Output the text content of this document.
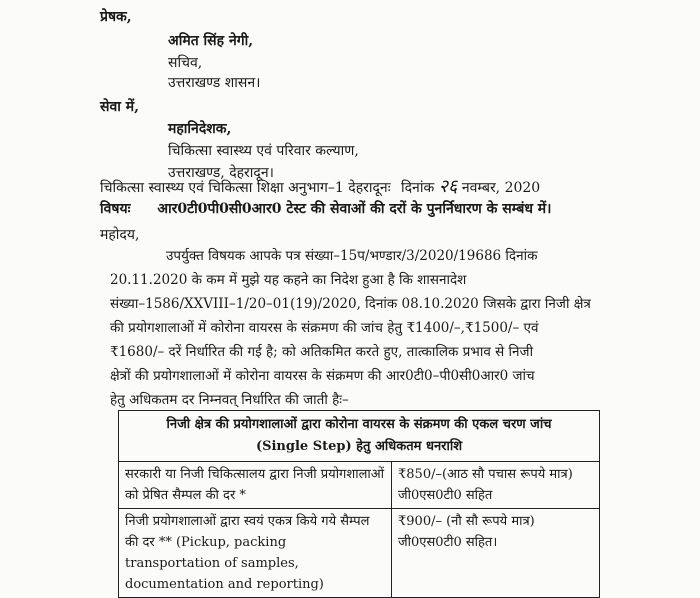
प्रेषक,
अमित सिंह नेगी,
सचिव,
उत्तराखण्ड शासन।
सेवा में,
महानिदेशक,
चिकित्सा स्वास्थ्य एवं परिवार कल्याण,
उत्तराखण्ड, देहरादून।
चिकित्सा स्वास्थ्य एवं चिकित्सा शिक्षा अनुभाग–1 देहरादूनः दिनांक २६ नवम्बर, 2020
विषयः आर0टी0पी0सी0आर0 टेस्ट की सेवाओं की दरों के पुनर्निधारण के सम्बंध में।
महोदय,
उपर्युक्त विषयक आपके पत्र संख्या–15प/भण्डार/3/2020/19686 दिनांक
20.11.2020 के कम में मुझे यह कहने का निदेश हुआ है कि शासनादेश
संख्या–1586/XXVIII–1/20–01(19)/2020, दिनांक 08.10.2020 जिसके द्वारा निजी क्षेत्र
की प्रयोगशालाओं में कोरोना वायरस के संक्रमण की जांच हेतु ₹1400/–,₹1500/– एवं
₹1680/– दरें निर्धारित की गई है; को अतिकमित करते हुए, तात्कालिक प्रभाव से निजी
क्षेत्रों की प्रयोगशालाओं में कोरोना वायरस के संक्रमण की आर0टी0–पी0सी0आर0 जांच
हेतु अधिकतम दर निम्नवत् निर्धारित की जाती हैः–
निजी क्षेत्र की प्रयोगशालाओं द्वारा कोरोना वायरस के संक्रमण की एकल चरण जांच
(Single Step) हेतु अधिकतम धनराशि	

सरकारी या निजी चिकित्सालय द्वारा निजी प्रयोगशालाओं को प्रेषित सैम्पल की दर *	₹850/–(आठ सौ पचास रूपये मात्र) जी0एस0टी0 सहित
निजी प्रयोगशालाओं द्वारा स्वयं एकत्र किये गये सैम्पल की दर ** (Pickup, packing transportation of samples, documentation and reporting)	₹900/– (नौ सौ रूपये मात्र) जी0एस0टी0 सहित।
